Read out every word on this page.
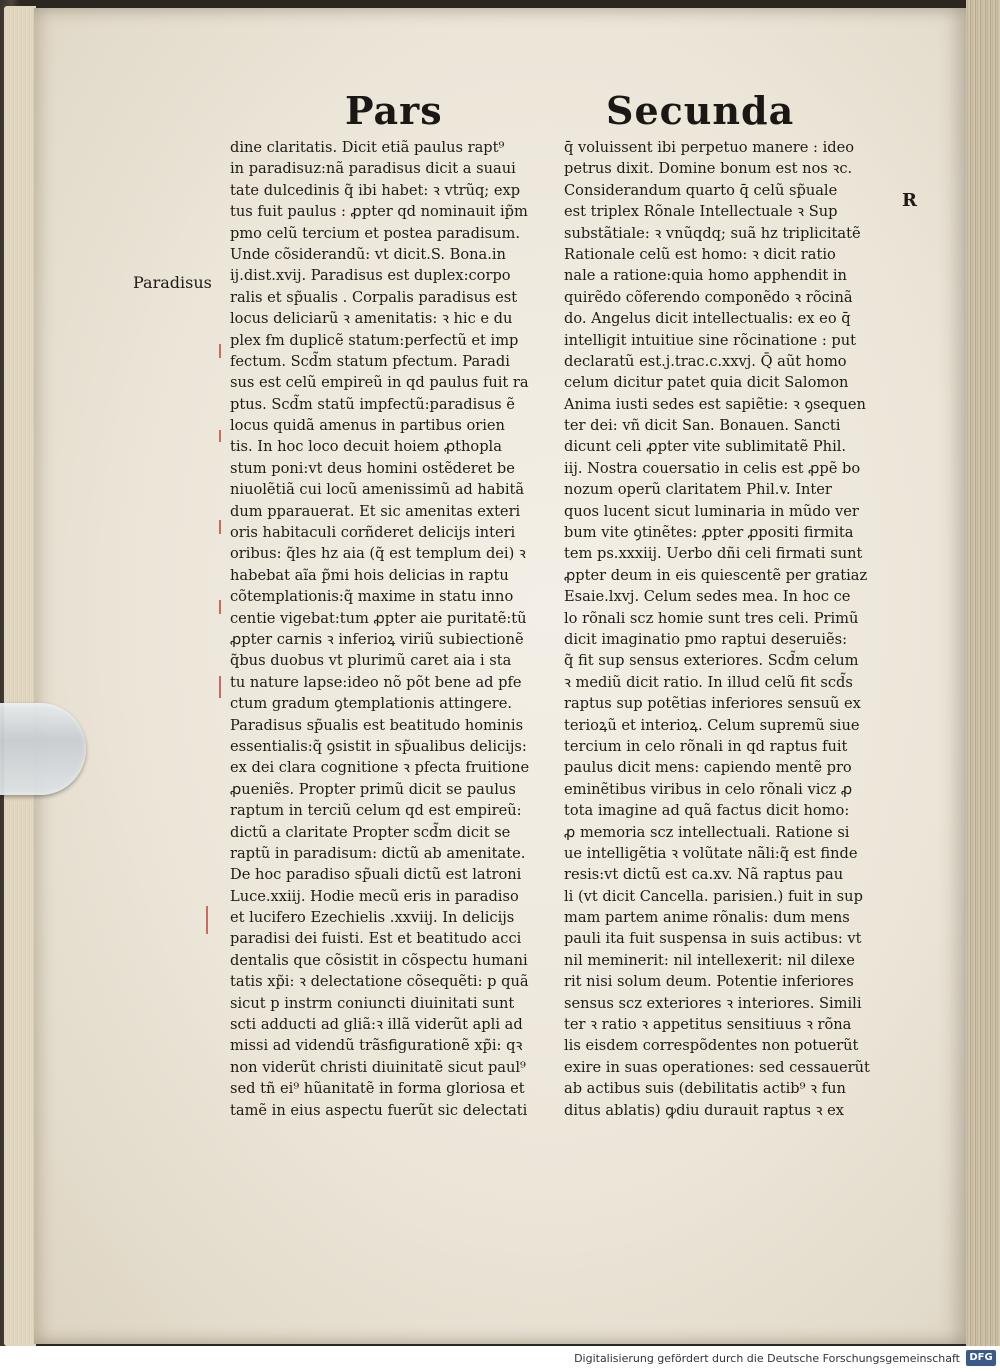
Pars	Secunda
Paradisus
R
dine claritatis. Dicit etiã paulus rapt⁹
in paradisuz:nã paradisus dicit a suaui
tate dulcedinis q̃ ibi habet: ꝛ vtrũq; exp
tus fuit paulus : ꝓpter qd nominauit ip̃m
pmo celũ tercium et postea paradisum.
Unde cõsiderandũ: vt dicit.S. Bona.in
ij.dist.xvij. Paradisus est duplex:corpo
ralis et sp̃ualis . Corpalis paradisus est
locus deliciarũ ꝛ amenitatis: ꝛ hic e du
plex ẜm duplicẽ statum:perfectũ et imp
fectum. Scd̃m statum pfectum. Paradi
sus est celũ empireũ in qd paulus fuit ra
ptus. Scd̃m statũ impfectũ:paradisus ẽ
locus quidã amenus in partibus orien
tis. In hoc loco decuit hoiem ꝓthopla
stum poni:vt deus homini ostẽderet be
niuolẽtiã cui locũ amenissimũ ad habitã
dum pparauerat. Et sic amenitas exteri
oris habitaculi corñderet delicijs interi
oribus: q̃les hz aia (q̃ est templum dei) ꝛ
habebat aĩa p̃mi hois delicias in raptu
cõtemplationis:q̃ maxime in statu inno
centie vigebat:tum ꝓpter aie puritatẽ:tũ
ꝓpter carnis ꝛ inferioꝝ viriũ subiectionẽ
q̃bus duobus vt plurimũ caret aia i sta
tu nature lapse:ideo nõ põt bene ad pfe
ctum gradum ꝯtemplationis attingere.
Paradisus sp̃ualis est beatitudo hominis
essentialis:q̃ ꝯsistit in sp̃ualibus delicijs:
ex dei clara cognitione ꝛ pfecta fruitione
ꝓueniẽs. Propter primũ dicit se paulus
raptum in terciũ celum qd est empireũ:
dictũ a claritate Propter scd̃m dicit se
raptũ in paradisum: dictũ ab amenitate.
De hoc paradiso sp̃uali dictũ est latroni
Luce.xxiij. Hodie mecũ eris in paradiso
et lucifero Ezechielis .xxviij. In delicijs
paradisi dei fuisti. Est et beatitudo acci
dentalis que cõsistit in cõspectu humani
tatis xp̃i: ꝛ delectatione cõsequẽti: p quã
sicut p instrm coniuncti diuinitati sunt
scti adducti ad gliã:ꝛ illã viderũt apli ad
missi ad videndũ trãsfigurationẽ xp̃i: qꝛ
non viderũt christi diuinitatẽ sicut paul⁹
sed tñ ei⁹ hũanitatẽ in forma gloriosa et
tamẽ in eius aspectu fuerũt sic delectati
q̄ voluissent ibi perpetuo manere : ideo
petrus dixit. Domine bonum est nos ꝛc.
Considerandum quarto q̄ celũ sp̃uale
est triplex Rõnale Intellectuale ꝛ Sup
substãtiale: ꝛ vnũqdq; suã hz triplicitatẽ
Rationale celũ est homo: ꝛ dicit ratio
nale a ratione:quia homo apphendit in
quirẽdo cõferendo componẽdo ꝛ rõcinã
do. Angelus dicit intellectualis: ex eo q̄
intelligit intuitiue sine rõcinatione : put
declaratũ est.j.trac.c.xxvj. Q̄ aũt homo
celum dicitur patet quia dicit Salomon
Anima iusti sedes est sapiẽtie: ꝛ ꝯsequen
ter dei: vñ dicit San. Bonauen. Sancti
dicunt celi ꝓpter vite sublimitatẽ Phil.
iij. Nostra couersatio in celis est ꝓpẽ bo
nozum operũ claritatem Phil.v. Inter
quos lucent sicut luminaria in mũdo ver
bum vite ꝯtinẽtes: ꝓpter ꝓpositi firmita
tem ps.xxxiij. Uerbo dñi celi firmati sunt
ꝓpter deum in eis quiescentẽ per gratiaz
Esaie.lxvj. Celum sedes mea. In hoc ce
lo rõnali scz homie sunt tres celi. Primũ
dicit imaginatio pmo raptui deseruiẽs:
q̃ fit sup sensus exteriores. Scd̃m celum
ꝛ mediũ dicit ratio. In illud celũ fit scd̃s
raptus sup potẽtias inferiores sensuũ ex
terioꝝũ et interioꝝ. Celum supremũ siue
tercium in celo rõnali in qd raptus fuit
paulus dicit mens: capiendo mentẽ pro
eminẽtibus viribus in celo rõnali vicz ꝓ
tota imagine ad quã factus dicit homo:
ꝓ memoria scz intellectuali. Ratione si
ue intelligẽtia ꝛ volũtate nãli:q̃ est finde
resis:vt dictũ est ca.xv. Nã raptus pau
li (vt dicit Cancella. parisien.) fuit in sup
mam partem anime rõnalis: dum mens
pauli ita fuit suspensa in suis actibus: vt
nil meminerit: nil intellexerit: nil dilexe
rit nisi solum deum. Potentie inferiores
sensus scz exteriores ꝛ interiores. Simili
ter ꝛ ratio ꝛ appetitus sensitiuus ꝛ rõna
lis eisdem correspõdentes non potuerũt
exire in suas operationes: sed cessauerũt
ab actibus suis (debilitatis actib⁹ ꝛ fun
ditus ablatis) ꝙdiu durauit raptus ꝛ ex
Digitalisierung gefördert durch die Deutsche Forschungsgemeinschaft DFG
